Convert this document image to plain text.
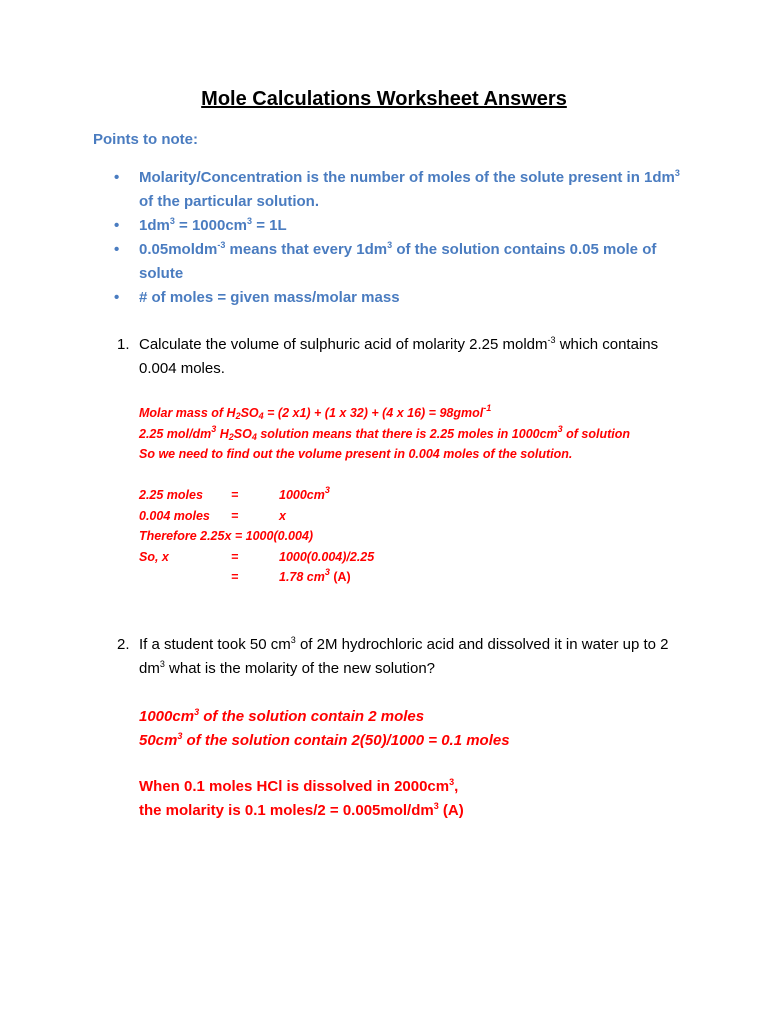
Mole Calculations Worksheet Answers
Points to note:
• Molarity/Concentration is the number of moles of the solute present in $1dm^3$ of the particular solution.
• $1dm^3 = 1000cm^3 = 1L$
• 0.05moldm$^{-3}$ means that every $1dm^3$ of the solution contains 0.05 mole of solute
• # of moles = given mass/molar mass
1. Calculate the volume of sulphuric acid of molarity 2.25 moldm$^{-3}$ which contains 0.004 moles.
Molar mass of $H_2SO_4 = (2$ x1) + (1 x 32) + (4 x 16) = 98gmol$^{-1}$
2.25 mol/$dm^3$ $H_2SO_4$ solution means that there is 2.25 moles in $1000cm^3$ of solution
So we need to find out the volume present in 0.004 moles of the solution.
2.25 moles	=	$1000cm^3$
0.004 moles	=	x
Therefore 2.25x = 1000(0.004)
So, x	=	1000(0.004)/2.25
=	1.78 $cm^3$ (A)
2. If a student took 50 $cm^3$ of 2M hydrochloric acid and dissolved it in water up to 2 $dm^3$ what is the molarity of the new solution?
$1000cm^3$ of the solution contain 2 moles
$50cm^3$ of the solution contain 2(50)/1000 = 0.1 moles
When 0.1 moles HCl is dissolved in $2000cm^3$,
the molarity is 0.1 moles/2 = $0.005mol/dm^3$ (A)
